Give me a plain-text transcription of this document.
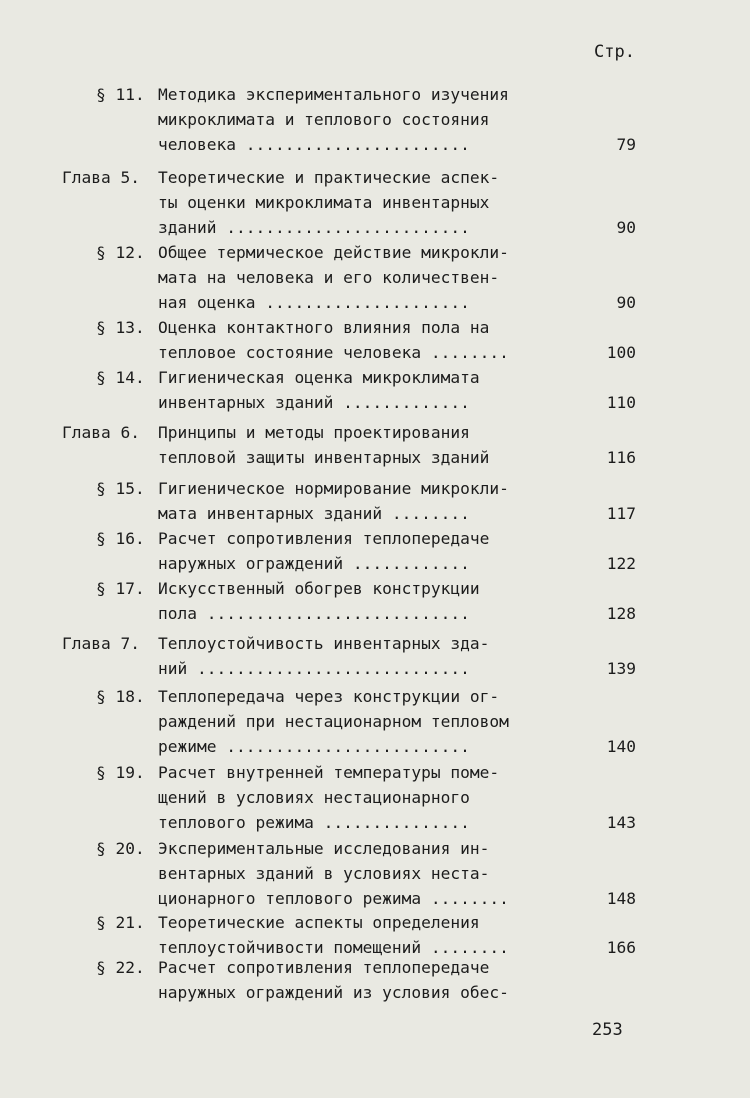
Стр.
§ 11. Методика экспериментального изучения
микроклимата и теплового состояния
человека .......................	79
Глава 5. Теоретические и практические аспек-
ты оценки микроклимата инвентарных
зданий .........................	90
§ 12. Общее термическое действие микрокли-
мата на человека и его количествен-
ная оценка .....................	90
§ 13. Оценка контактного влияния пола на
тепловое состояние человека ........	100
§ 14. Гигиеническая оценка микроклимата
инвентарных зданий .............	110
Глава 6. Принципы и методы проектирования
тепловой защиты инвентарных зданий	116
§ 15. Гигиеническое нормирование микрокли-
мата инвентарных зданий ........	117
§ 16. Расчет сопротивления теплопередаче
наружных ограждений ............	122
§ 17. Искусственный обогрев конструкции
пола ...........................	128
Глава 7. Теплоустойчивость инвентарных зда-
ний ............................	139
§ 18. Теплопередача через конструкции ог-
раждений при нестационарном тепловом
режиме .........................	140
§ 19. Расчет внутренней температуры поме-
щений в условиях нестационарного
теплового режима ...............	143
§ 20. Экспериментальные исследования ин-
вентарных зданий в условиях неста-
ционарного теплового режима ........	148
§ 21. Теоретические аспекты определения
теплоустойчивости помещений ........	166
§ 22. Расчет сопротивления теплопередаче
наружных ограждений из условия обес-
253
